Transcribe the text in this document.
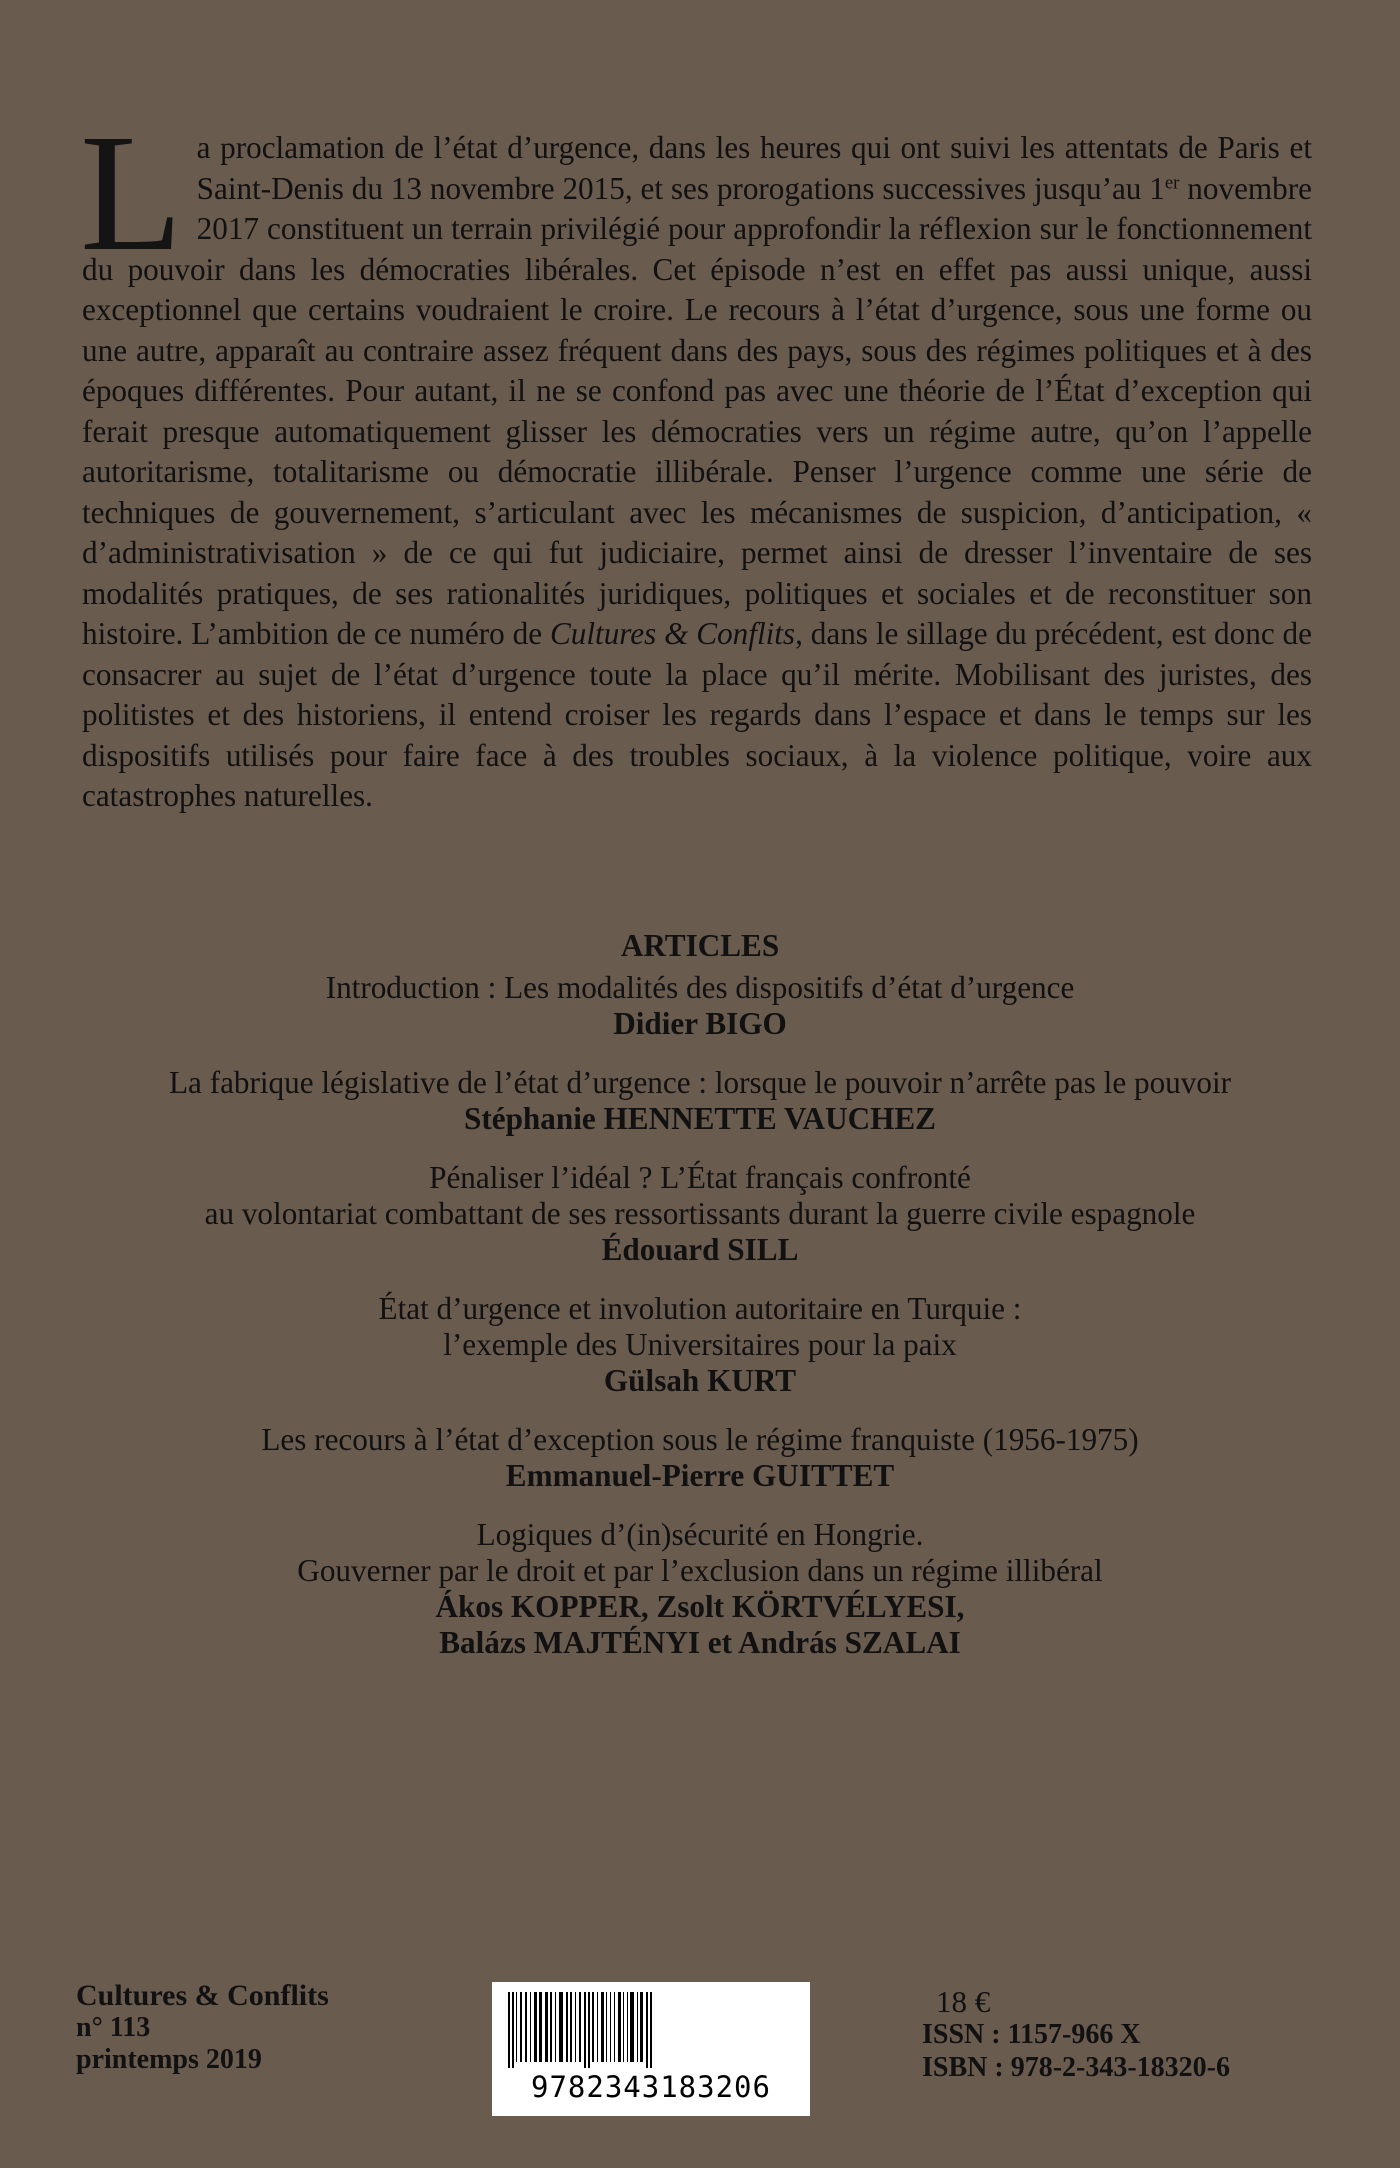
La proclamation de l’état d’urgence, dans les heures qui ont suivi les attentats de Paris et Saint-Denis du 13 novembre 2015, et ses prorogations successives jusqu’au 1er novembre 2017 constituent un terrain privilégié pour approfondir la réflexion sur le fonctionnement du pouvoir dans les démocraties libérales. Cet épisode n’est en effet pas aussi unique, aussi exceptionnel que certains voudraient le croire. Le recours à l’état d’urgence, sous une forme ou une autre, apparaît au contraire assez fréquent dans des pays, sous des régimes politiques et à des époques différentes. Pour autant, il ne se confond pas avec une théorie de l’État d’exception qui ferait presque automatiquement glisser les démocraties vers un régime autre, qu’on l’appelle autoritarisme, totalitarisme ou démocratie illibérale. Penser l’urgence comme une série de techniques de gouvernement, s’articulant avec les mécanismes de suspicion, d’anticipation, « d’administrativisation » de ce qui fut judiciaire, permet ainsi de dresser l’inventaire de ses modalités pratiques, de ses rationalités juridiques, politiques et sociales et de reconstituer son histoire. L’ambition de ce numéro de Cultures & Conflits, dans le sillage du précédent, est donc de consacrer au sujet de l’état d’urgence toute la place qu’il mérite. Mobilisant des juristes, des politistes et des historiens, il entend croiser les regards dans l’espace et dans le temps sur les dispositifs utilisés pour faire face à des troubles sociaux, à la violence politique, voire aux catastrophes naturelles.
ARTICLES
Introduction : Les modalités des dispositifs d’état d’urgence
Didier BIGO
La fabrique législative de l’état d’urgence : lorsque le pouvoir n’arrête pas le pouvoir
Stéphanie HENNETTE VAUCHEZ
Pénaliser l’idéal ? L’État français confronté
au volontariat combattant de ses ressortissants durant la guerre civile espagnole
Édouard SILL
État d’urgence et involution autoritaire en Turquie :
l’exemple des Universitaires pour la paix
Gülsah KURT
Les recours à l’état d’exception sous le régime franquiste (1956-1975)
Emmanuel-Pierre GUITTET
Logiques d’(in)sécurité en Hongrie.
Gouverner par le droit et par l’exclusion dans un régime illibéral
Ákos KOPPER, Zsolt KÖRTVÉLYESI,
Balázs MAJTÉNYI et András SZALAI
Cultures & Conflits
n° 113
printemps 2019
9782343183206
18 €
ISSN : 1157-966 X
ISBN : 978-2-343-18320-6
